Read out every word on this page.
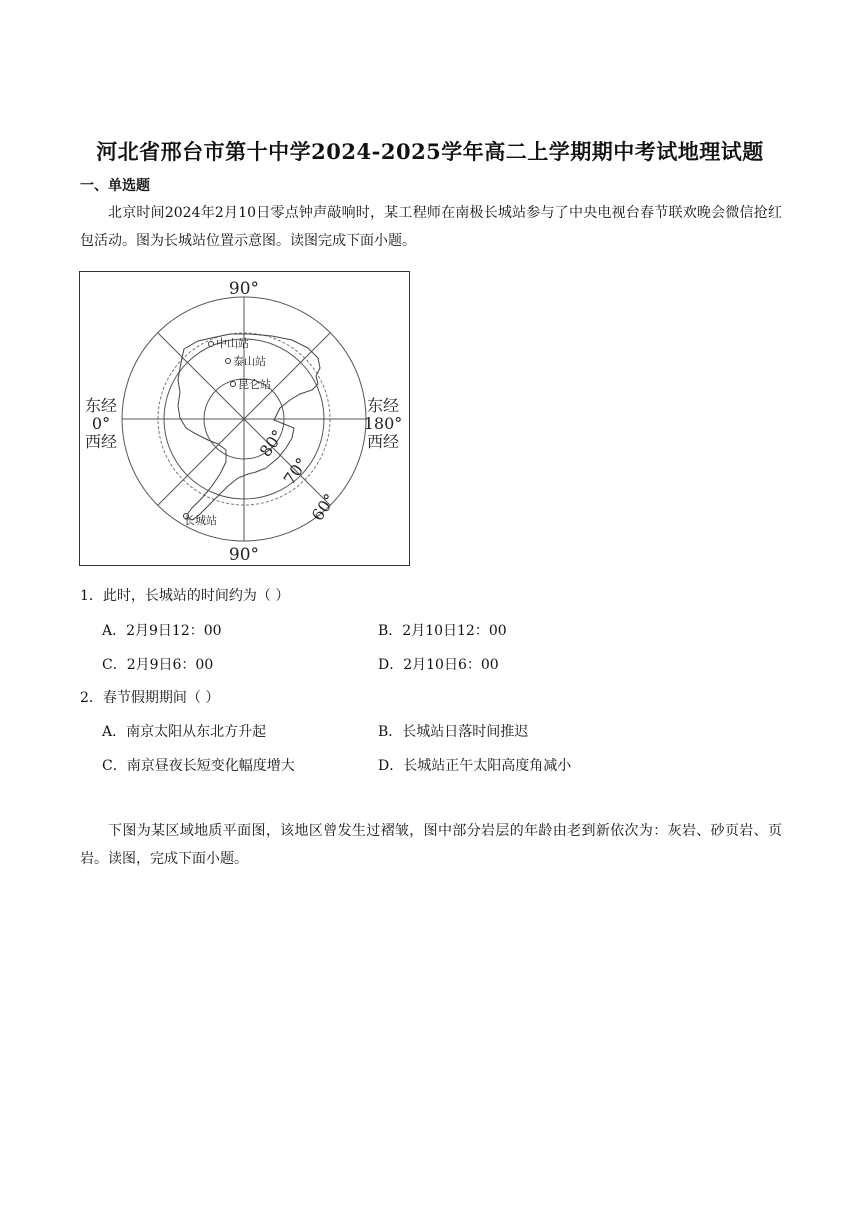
河北省邢台市第十中学2024-2025学年高二上学期期中考试地理试题
一、单选题
北京时间2024年2月10日零点钟声敲响时，某工程师在南极长城站参与了中央电视台春节联欢晚会微信抢红包活动。图为长城站位置示意图。读图完成下面小题。
90°
90°
东经
0°
西经
东经
180°
西经
80°
70°
60°
中山站
泰山站
昆仑站
长城站
1．此时，长城站的时间约为（ ）
A．2月9日12：00	B．2月10日12：00
C．2月9日6：00	D．2月10日6：00
2．春节假期期间（ ）
A．南京太阳从东北方升起	B．长城站日落时间推迟
C．南京昼夜长短变化幅度增大	D．长城站正午太阳高度角减小
下图为某区域地质平面图，该地区曾发生过褶皱，图中部分岩层的年龄由老到新依次为：灰岩、砂页岩、页岩。读图，完成下面小题。
